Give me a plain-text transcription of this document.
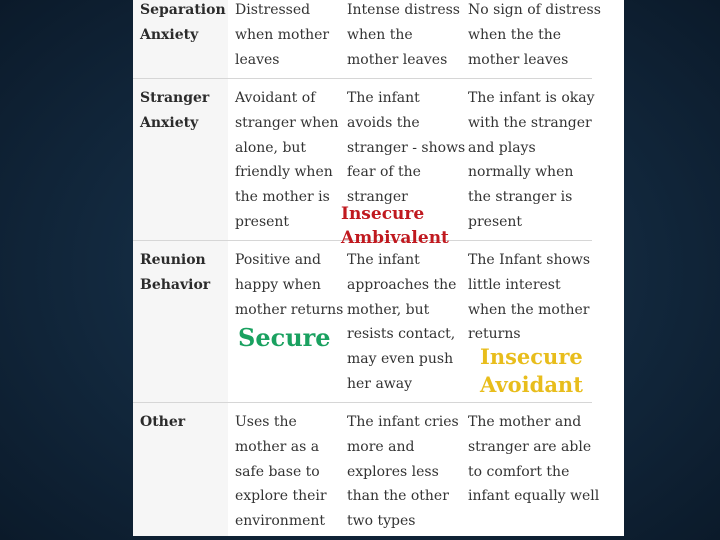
Separation
Anxiety
Distressed
when mother
leaves
Intense distress
when the
mother leaves
No sign of distress
when the the
mother leaves
Stranger
Anxiety
Avoidant of
stranger when
alone, but
friendly when
the mother is
present
The infant
avoids the
stranger - shows
fear of the
stranger
The infant is okay
with the stranger
and plays
normally when
the stranger is
present
Reunion
Behavior
Positive and
happy when
mother returns
The infant
approaches the
mother, but
resists contact,
may even push
her away
The Infant shows
little interest
when the mother
returns
Other	Uses the
mother as a
safe base to
explore their
environment
The infant cries
more and
explores less
than the other
two types
The mother and
stranger are able
to comfort the
infant equally well
Insecure
Ambivalent
Secure
Insecure
Avoidant
